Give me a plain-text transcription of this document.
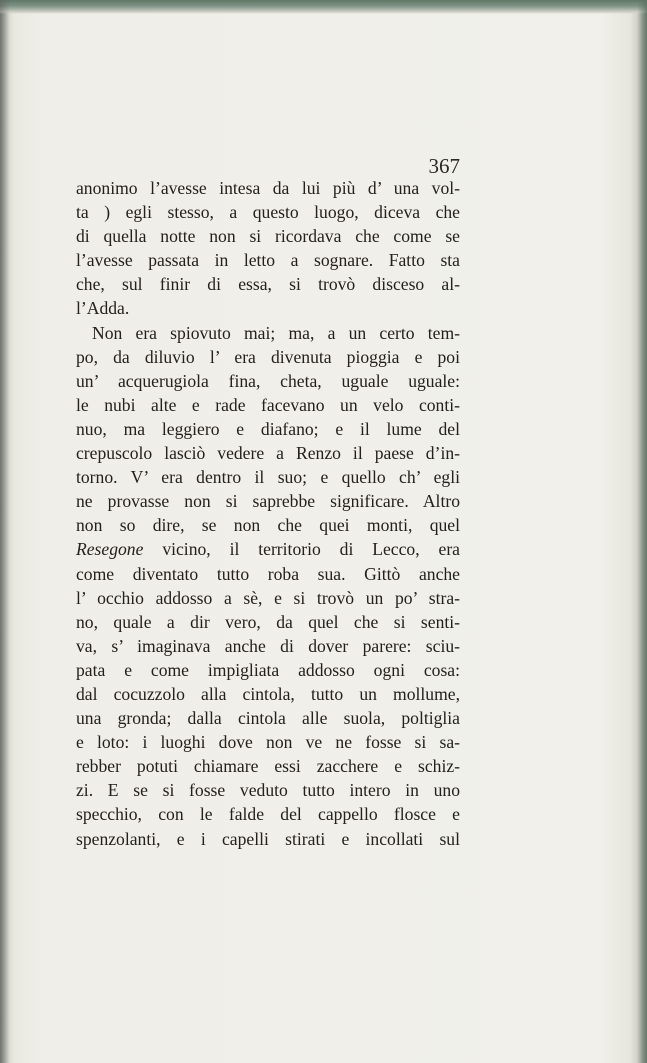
367
anonimo l’avesse intesa da lui più d’ una vol-
ta ) egli stesso, a questo luogo, diceva che
di quella notte non si ricordava che come se
l’avesse passata in letto a sognare. Fatto sta
che, sul finir di essa, si trovò disceso al-
l’Adda.
Non era spiovuto mai; ma, a un certo tem-
po, da diluvio l’ era divenuta pioggia e poi
un’ acquerugiola fina, cheta, uguale uguale:
le nubi alte e rade facevano un velo conti-
nuo, ma leggiero e diafano; e il lume del
crepuscolo lasciò vedere a Renzo il paese d’in-
torno. V’ era dentro il suo; e quello ch’ egli
ne provasse non si saprebbe significare. Altro
non so dire, se non che quei monti, quel
Resegone vicino, il territorio di Lecco, era
come diventato tutto roba sua. Gittò anche
l’ occhio addosso a sè, e si trovò un po’ stra-
no, quale a dir vero, da quel che si senti-
va, s’ imaginava anche di dover parere: sciu-
pata e come impigliata addosso ogni cosa:
dal cocuzzolo alla cintola, tutto un mollume,
una gronda; dalla cintola alle suola, poltiglia
e loto: i luoghi dove non ve ne fosse si sa-
rebber potuti chiamare essi zacchere e schiz-
zi. E se si fosse veduto tutto intero in uno
specchio, con le falde del cappello flosce e
spenzolanti, e i capelli stirati e incollati sul
